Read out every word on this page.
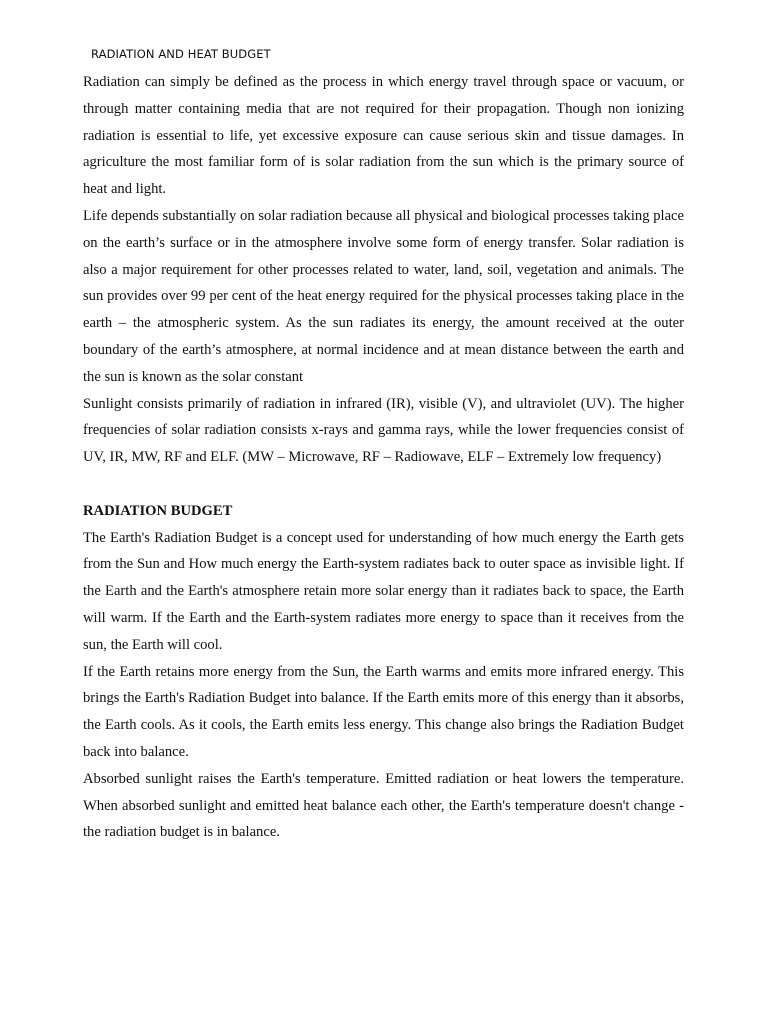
RADIATION AND HEAT BUDGET

Radiation can simply be defined as the process in which energy travel through space or vacuum, or through matter containing media that are not required for their propagation. Though non ionizing radiation is essential to life, yet excessive exposure can cause serious skin and tissue damages. In agriculture the most familiar form of is solar radiation from the sun which is the primary source of heat and light.

Life depends substantially on solar radiation because all physical and biological processes taking place on the earth’s surface or in the atmosphere involve some form of energy transfer. Solar radiation is also a major requirement for other processes related to water, land, soil, vegetation and animals. The sun provides over 99 per cent of the heat energy required for the physical processes taking place in the earth – the atmospheric system. As the sun radiates its energy, the amount received at the outer boundary of the earth’s atmosphere, at normal incidence and at mean distance between the earth and the sun is known as the solar constant

Sunlight consists primarily of radiation in infrared (IR), visible (V), and ultraviolet (UV). The higher frequencies of solar radiation consists x-rays and gamma rays, while the lower frequencies consist of UV, IR, MW, RF and ELF. (MW – Microwave, RF – Radiowave, ELF – Extremely low frequency)

RADIATION BUDGET

The Earth's Radiation Budget is a concept used for understanding of how much energy the Earth gets from the Sun and How much energy the Earth-system radiates back to outer space as invisible light. If the Earth and the Earth's atmosphere retain more solar energy than it radiates back to space, the Earth will warm. If the Earth and the Earth-system radiates more energy to space than it receives from the sun, the Earth will cool.

If the Earth retains more energy from the Sun, the Earth warms and emits more infrared energy. This brings the Earth's Radiation Budget into balance. If the Earth emits more of this energy than it absorbs, the Earth cools. As it cools, the Earth emits less energy. This change also brings the Radiation Budget back into balance.

Absorbed sunlight raises the Earth's temperature. Emitted radiation or heat lowers the temperature. When absorbed sunlight and emitted heat balance each other, the Earth's temperature doesn't change - the radiation budget is in balance.
